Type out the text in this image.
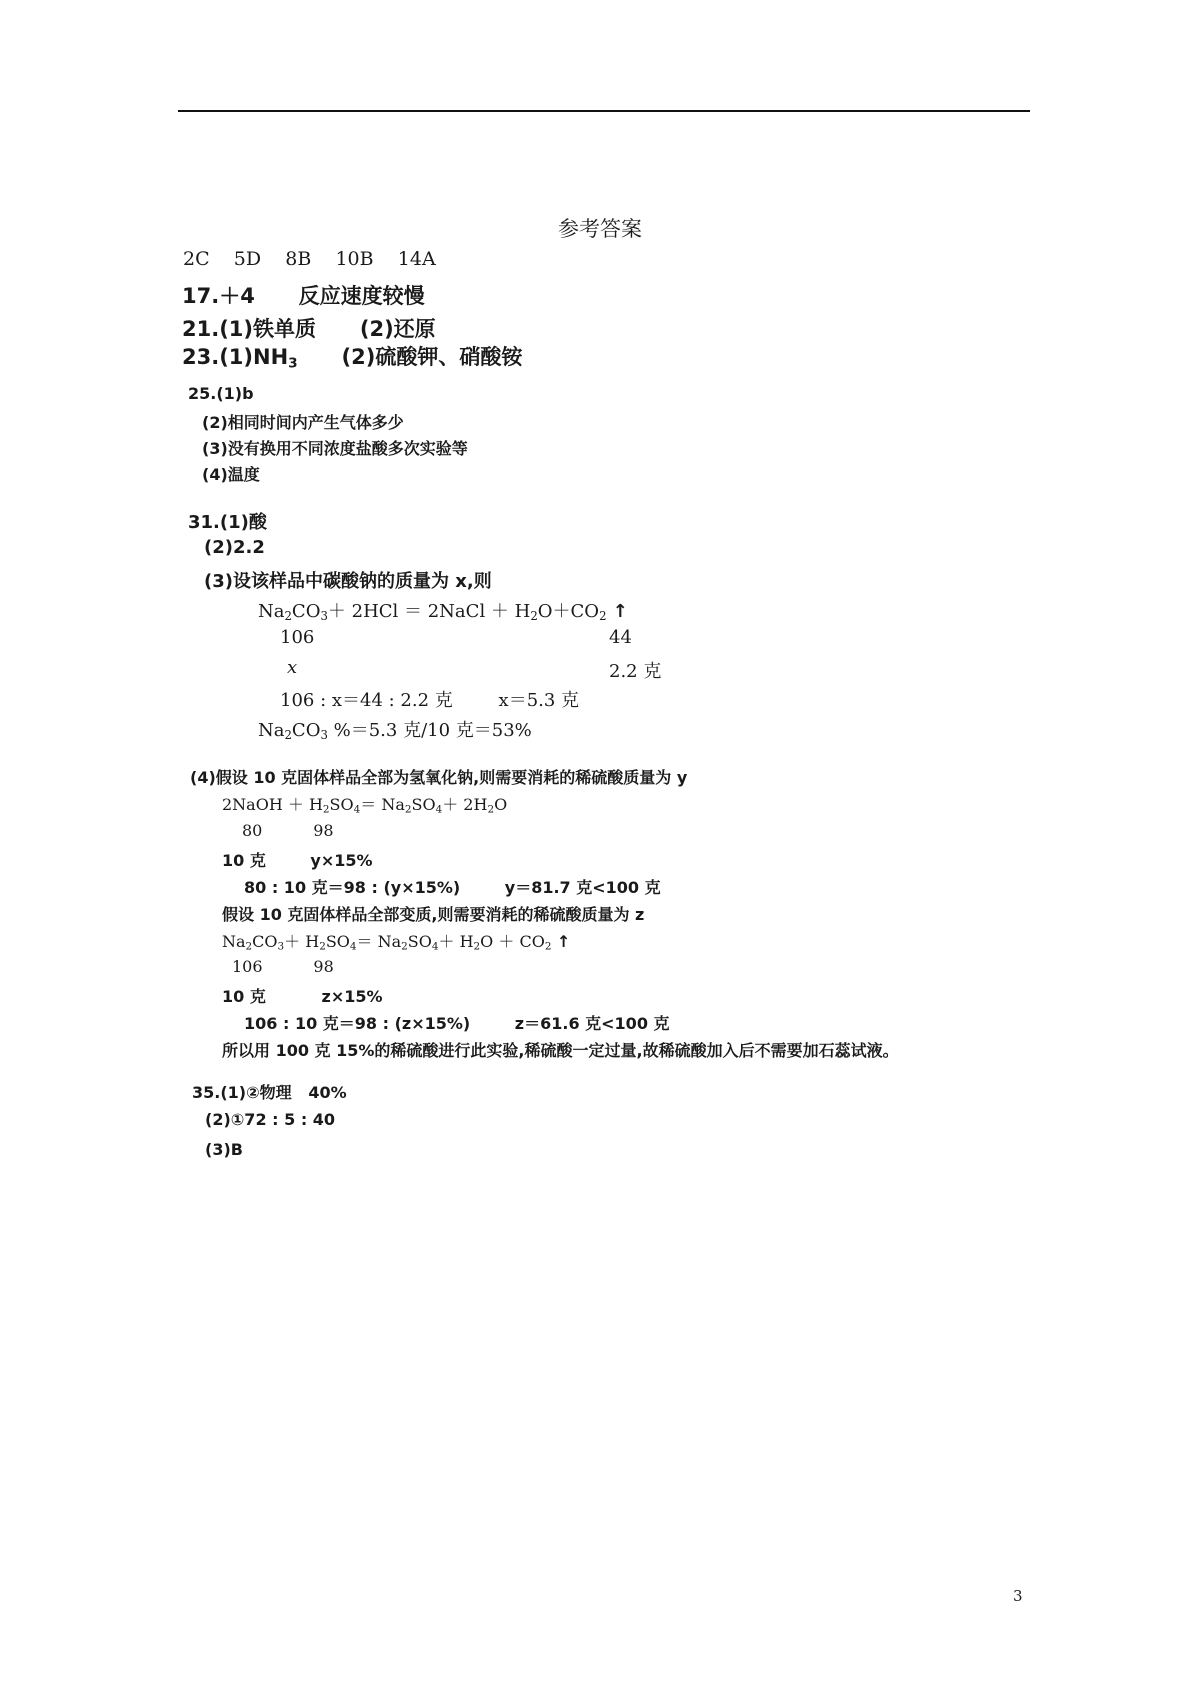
参考答案
2C    5D    8B    10B    14A
17.＋4      反应速度较慢
21.(1)铁单质      (2)还原
$23.(1)NH_3$      (2)硫酸钾、硝酸铵
25.(1)b
(2)相同时间内产生气体多少
(3)没有换用不同浓度盐酸多次实验等
(4)温度
31.(1)酸
(2)2.2
(3)设该样品中碳酸钠的质量为 x,则
$Na_2CO_3+ 2HCl$ ＝ 2NaCl ＋ $H_2O+CO_2$ ↑
106	44
x	2.2 克
106 : x＝44 : 2.2 克        x＝5.3 克
$Na_2CO_3$ %＝5.3 克/10 克＝53%
(4)假设 10 克固体样品全部为氢氧化钠,则需要消耗的稀硫酸质量为 y
2NaOH ＋ $H_2SO_4= Na_2SO_4+ 2H_2O$
80          98
10 克        y×15%
80 : 10 克＝98 : (y×15%)        y＝81.7 克<100 克
假设 10 克固体样品全部变质,则需要消耗的稀硫酸质量为 z
$Na_2CO_3+ H_2SO_4= Na_2SO_4+ H_2O + CO_2$ ↑
106          98
10 克          z×15%
106 : 10 克＝98 : (z×15%)        z＝61.6 克<100 克
所以用 100 克 15%的稀硫酸进行此实验,稀硫酸一定过量,故稀硫酸加入后不需要加石蕊试液。
35.(1)②物理   40%
(2)①72 : 5 : 40
(3)B
3
